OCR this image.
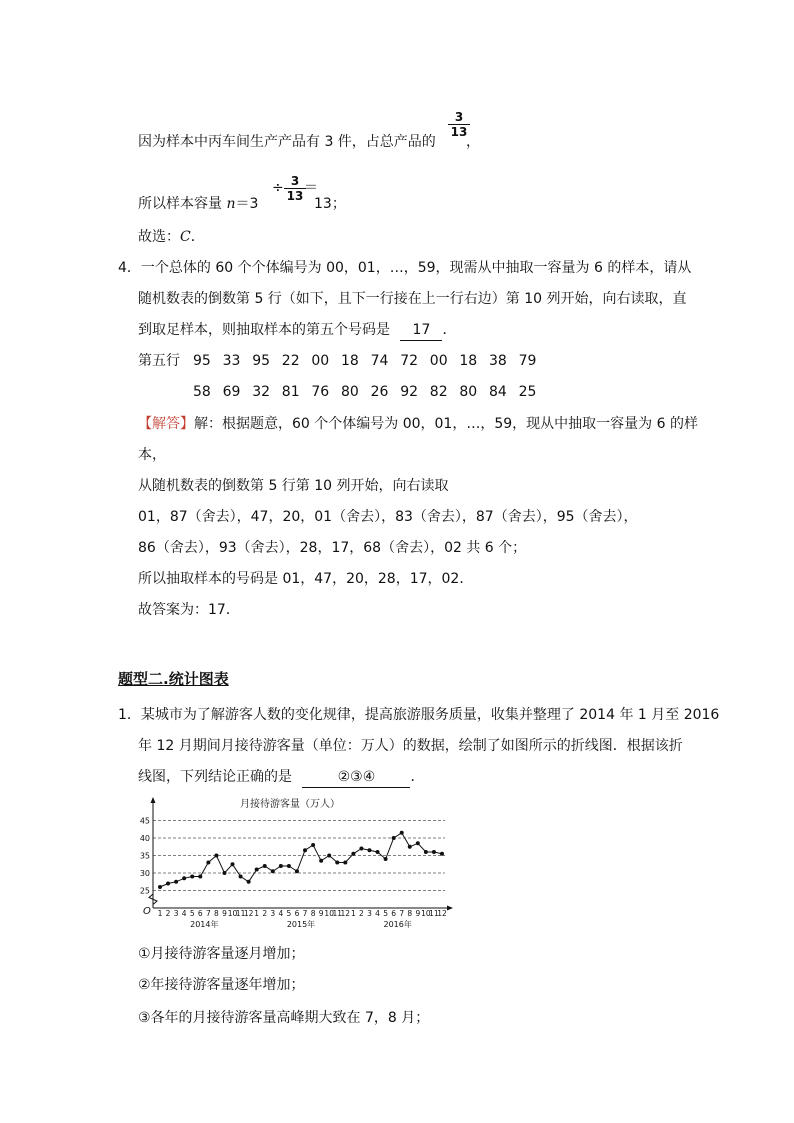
$\frac{3}{13}$
因为样本中丙车间生产产品有 3 件，占总产品的 ，
所以样本容量 n＝3
÷ $\frac{3}{13}$
＝
13；
故选：C．
4．一个总体的 60 个个体编号为 00，01，…，59，现需从中抽取一容量为 6 的样本，请从
随机数表的倒数第 5 行（如下，且下一行接在上一行右边）第 10 列开始，向右读取，直
到取足样本，则抽取样本的第五个号码是 17 ．
第五行 95 33 95 22 00 18 74 72 00 18 38 79
58 69 32 81 76 80 26 92 82 80 84 25
【解答】解：根据题意，60 个个体编号为 00，01，…，59，现从中抽取一容量为 6 的样
本，
从随机数表的倒数第 5 行第 10 列开始，向右读取
01，87（舍去），47，20，01（舍去），83（舍去），87（舍去），95（舍去），
86（舍去），93（舍去），28，17，68（舍去），02 共 6 个；
所以抽取样本的号码是 01，47，20，28，17，02．
故答案为：17．
题型二.统计图表
1．某城市为了解游客人数的变化规律，提高旅游服务质量，收集并整理了 2014 年 1 月至 2016
年 12 月期间月接待游客量（单位：万人）的数据，绘制了如图所示的折线图．根据该折
线图，下列结论正确的是	②③④	．
月接待游客量（万人）
25
30
35
40
45
O 1 2 3 4 5 6 7 8 9 10
11
12 1 2 3 4 5 6 7 8 9 10
11
12 1 2 3 4 5 6 7 8 9 10
11
12
2014年	2015年	2016年
①月接待游客量逐月增加；
②年接待游客量逐年增加；
③各年的月接待游客量高峰期大致在 7，8 月；
